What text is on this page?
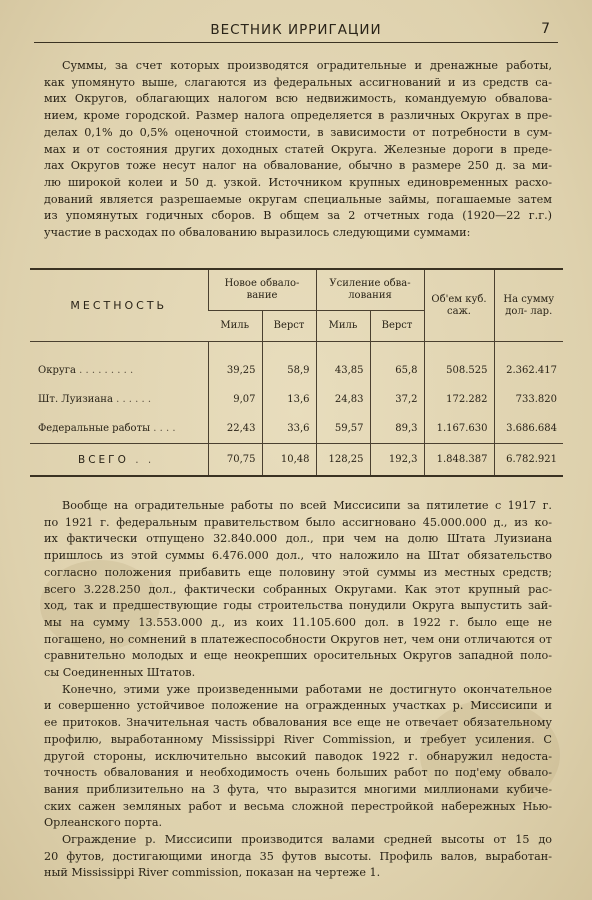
ВЕСТНИК ИРРИГАЦИИ	7
Суммы, за счет которых производятся оградительные и дренажные работы,
как упомянуто выше, слагаются из федеральных ассигнований и из средств са-
мих Округов, облагающих налогом всю недвижимость, командуемую обвалова-
нием, кроме городской. Размер налога определяется в различных Округах в пре-
делах 0,1% до 0,5% оценочной стоимости, в зависимости от потребности в сум-
мах и от состояния других доходных статей Округа. Железные дороги в преде-
лах Округов тоже несут налог на обвалование, обычно в размере 250 д. за ми-
лю широкой колеи и 50 д. узкой. Источником крупных единовременных расхо-
дований является разрешаемые округам специальные займы, погашаемые затем
из упомянутых годичных сборов. В общем за 2 отчетных года (1920—22 г.г.)
участие в расходах по обвалованию выразилось следующими суммами:
МЕСТНОСТЬ	Новое обвало- вание		Усиление обва- лования		Об'ем куб. саж.	На сумму дол- лар.
	Миль	Верст	Миль	Верст		
Округа . . . . . . . . .	39,25	58,9	43,85	65,8	508.525	2.362.417
Шт. Луизиана . . . . . .	9,07	13,6	24,83	37,2	172.282	733.820
Федеральные работы . . . .	22,43	33,6	59,57	89,3	1.167.630	3.686.684
ВСЕГО . .	70,75	10,48	128,25	192,3	1.848.387	6.782.921
Вообще на оградительные работы по всей Миссисипи за пятилетие с 1917 г.
по 1921 г. федеральным правительством было ассигновано 45.000.000 д., из ко-
их фактически отпущено 32.840.000 дол., при чем на долю Штата Луизиана
пришлось из этой суммы 6.476.000 дол., что наложило на Штат обязательство
согласно положения прибавить еще половину этой суммы из местных средств;
всего 3.228.250 дол., фактически собранных Округами. Как этот крупный рас-
ход, так и предшествующие годы строительства понудили Округа выпустить зай-
мы на сумму 13.553.000 д., из коих 11.105.600 дол. в 1922 г. было еще не
погашено, но сомнений в платежеспособности Округов нет, чем они отличаются от
сравнительно молодых и еще неокрепших оросительных Округов западной поло-
сы Соединенных Штатов.
Конечно, этими уже произведенными работами не достигнуто окончательное
и совершенно устойчивое положение на огражденных участках р. Миссисипи и
ее притоков. Значительная часть обвалования все еще не отвечает обязательному
профилю, выработанному Mississippi River Commission, и требует усиления. С
другой стороны, исключительно высокий паводок 1922 г. обнаружил недоста-
точность обвалования и необходимость очень больших работ по под'ему обвало-
вания приблизительно на 3 фута, что выразится многими миллионами кубиче-
ских сажен земляных работ и весьма сложной перестройкой набережных Нью-
Орлеанского порта.
Ограждение р. Миссисипи производится валами средней высоты от 15 до
20 футов, достигающими иногда 35 футов высоты. Профиль валов, выработан-
ный Mississippi River commission, показан на чертеже 1.
